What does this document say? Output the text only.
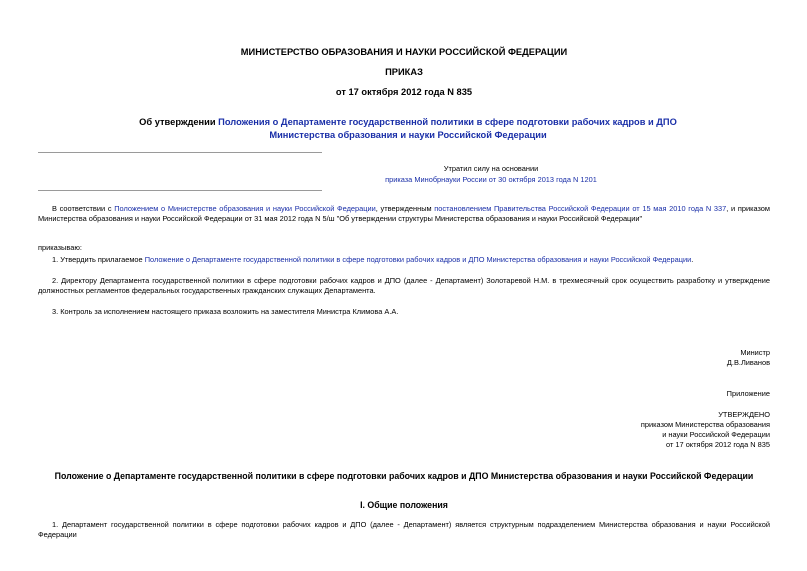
МИНИСТЕРСТВО ОБРАЗОВАНИЯ И НАУКИ РОССИЙСКОЙ ФЕДЕРАЦИИ
ПРИКАЗ
от 17 октября 2012 года N 835
Об утверждении Положения о Департаменте государственной политики в сфере подготовки рабочих кадров и ДПО Министерства образования и науки Российской Федерации
Утратил силу на основании
приказа Минобрнауки России от 30 октября 2013 года N 1201
В соответствии с Положением о Министерстве образования и науки Российской Федерации, утвержденным постановлением Правительства Российской Федерации от 15 мая 2010 года N 337, и приказом Министерства образования и науки Российской Федерации от 31 мая 2012 года N 5/ш "Об утверждении структуры Министерства образования и науки Российской Федерации"
приказываю:
1. Утвердить прилагаемое Положение о Департаменте государственной политики в сфере подготовки рабочих кадров и ДПО Министерства образования и науки Российской Федерации.
2. Директору Департамента государственной политики в сфере подготовки рабочих кадров и ДПО (далее - Департамент) Золотаревой Н.М. в трехмесячный срок осуществить разработку и утверждение должностных регламентов федеральных государственных гражданских служащих Департамента.
3. Контроль за исполнением настоящего приказа возложить на заместителя Министра Климова А.А.
Министр
Д.В.Ливанов
Приложение
УТВЕРЖДЕНО
приказом Министерства образования
и науки Российской Федерации
от 17 октября 2012 года N 835
Положение о Департаменте государственной политики в сфере подготовки рабочих кадров и ДПО Министерства образования и науки Российской Федерации
I. Общие положения
1. Департамент государственной политики в сфере подготовки рабочих кадров и ДПО (далее - Департамент) является структурным подразделением Министерства образования и науки Российской Федерации
